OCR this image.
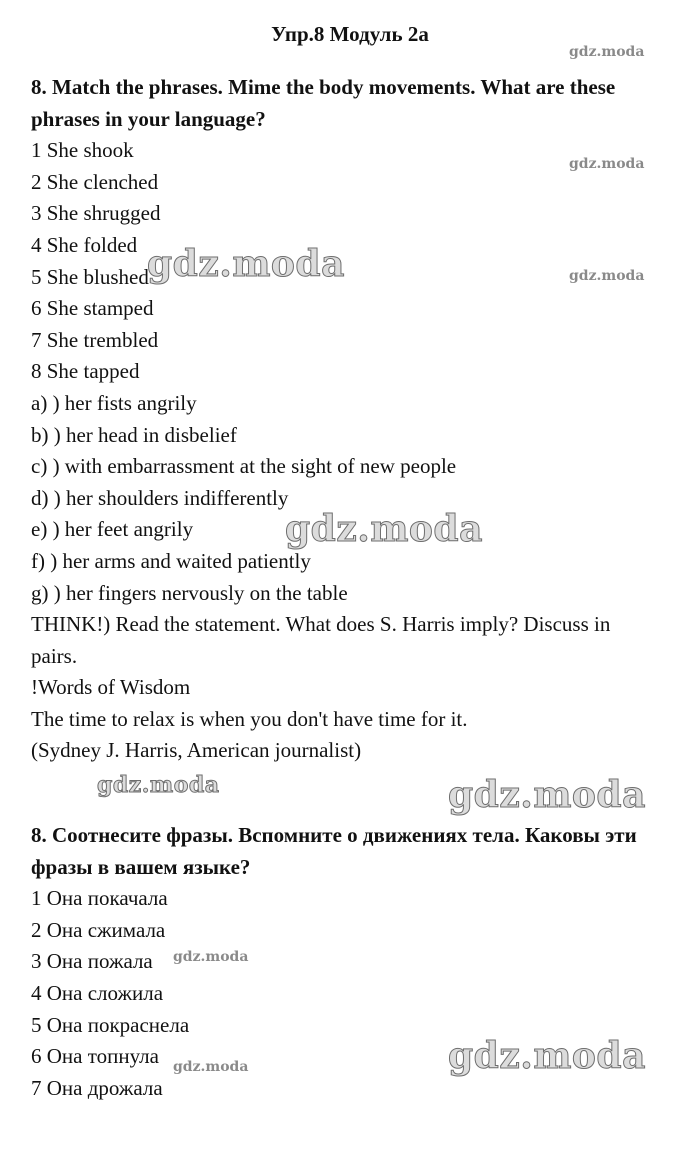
Упр.8 Модуль 2а
8. Match the phrases. Mime the body movements. What are these
phrases in your language?
1 She shook
2 She clenched
3 She shrugged
4 She folded
5 She blushed
6 She stamped
7 She trembled
8 She tapped
a) ) her fists angrily
b) ) her head in disbelief
c) ) with embarrassment at the sight of new people
d) ) her shoulders indifferently
e) ) her feet angrily
f) ) her arms and waited patiently
g) ) her fingers nervously on the table
THINK!) Read the statement. What does S. Harris imply? Discuss in
pairs.
!Words of Wisdom
The time to relax is when you don't have time for it.
(Sydney J. Harris, American journalist)
8. Соотнесите фразы. Вспомните о движениях тела. Каковы эти
фразы в вашем языке?
1 Она покачала
2 Она сжимала
3 Она пожала
4 Она сложила
5 Она покраснела
6 Она топнула
7 Она дрожала
gdz.moda
gdz.moda
gdz.moda
gdz.moda
gdz.moda
gdz.moda	gdz.moda
gdz.moda
gdz.moda	gdz.moda
